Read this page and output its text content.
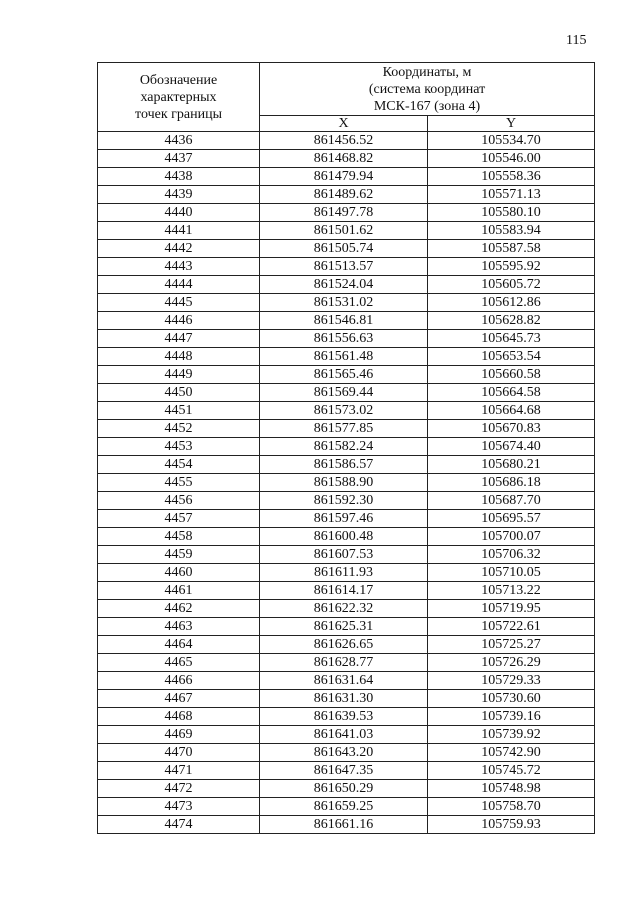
115
Обозначение
характерных
точек границы	Координаты, м
(система координат
МСК-167 (зона 4)	

	X	Y
4436	861456.52	105534.70
4437	861468.82	105546.00
4438	861479.94	105558.36
4439	861489.62	105571.13
4440	861497.78	105580.10
4441	861501.62	105583.94
4442	861505.74	105587.58
4443	861513.57	105595.92
4444	861524.04	105605.72
4445	861531.02	105612.86
4446	861546.81	105628.82
4447	861556.63	105645.73
4448	861561.48	105653.54
4449	861565.46	105660.58
4450	861569.44	105664.58
4451	861573.02	105664.68
4452	861577.85	105670.83
4453	861582.24	105674.40
4454	861586.57	105680.21
4455	861588.90	105686.18
4456	861592.30	105687.70
4457	861597.46	105695.57
4458	861600.48	105700.07
4459	861607.53	105706.32
4460	861611.93	105710.05
4461	861614.17	105713.22
4462	861622.32	105719.95
4463	861625.31	105722.61
4464	861626.65	105725.27
4465	861628.77	105726.29
4466	861631.64	105729.33
4467	861631.30	105730.60
4468	861639.53	105739.16
4469	861641.03	105739.92
4470	861643.20	105742.90
4471	861647.35	105745.72
4472	861650.29	105748.98
4473	861659.25	105758.70
4474	861661.16	105759.93
